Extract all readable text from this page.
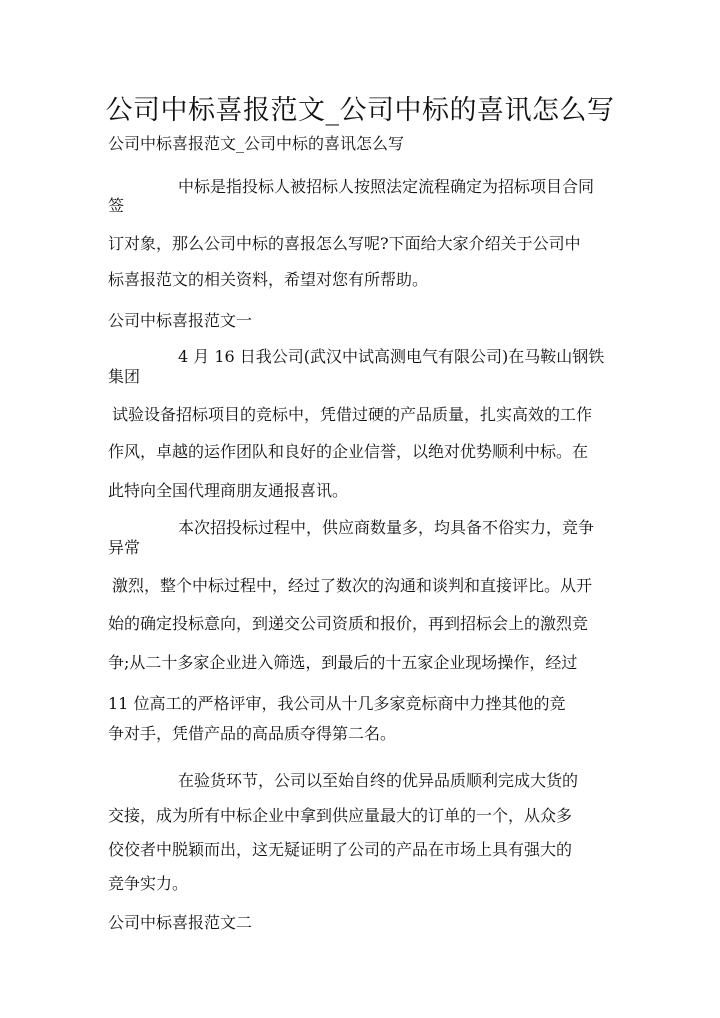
公司中标喜报范文_公司中标的喜讯怎么写

公司中标喜报范文_公司中标的喜讯怎么写

中标是指投标人被招标人按照法定流程确定为招标项目合同

签

订对象，那么公司中标的喜报怎么写呢?下面给大家介绍关于公司中

标喜报范文的相关资料，希望对您有所帮助。

公司中标喜报范文一

4 月 16 日我公司(武汉中试高测电气有限公司)在马鞍山钢铁

集团

试验设备招标项目的竞标中，凭借过硬的产品质量，扎实高效的工作

作风，卓越的运作团队和良好的企业信誉，以绝对优势顺利中标。在

此特向全国代理商朋友通报喜讯。

本次招投标过程中，供应商数量多，均具备不俗实力，竞争

异常

激烈，整个中标过程中，经过了数次的沟通和谈判和直接评比。从开

始的确定投标意向，到递交公司资质和报价，再到招标会上的激烈竞

争;从二十多家企业进入筛选，到最后的十五家企业现场操作，经过

11 位高工的严格评审，我公司从十几多家竞标商中力挫其他的竞

争对手，凭借产品的高品质夺得第二名。

在验货环节，公司以至始自终的优异品质顺利完成大货的

交接，成为所有中标企业中拿到供应量最大的订单的一个，从众多

佼佼者中脱颖而出，这无疑证明了公司的产品在市场上具有强大的

竞争实力。

公司中标喜报范文二
